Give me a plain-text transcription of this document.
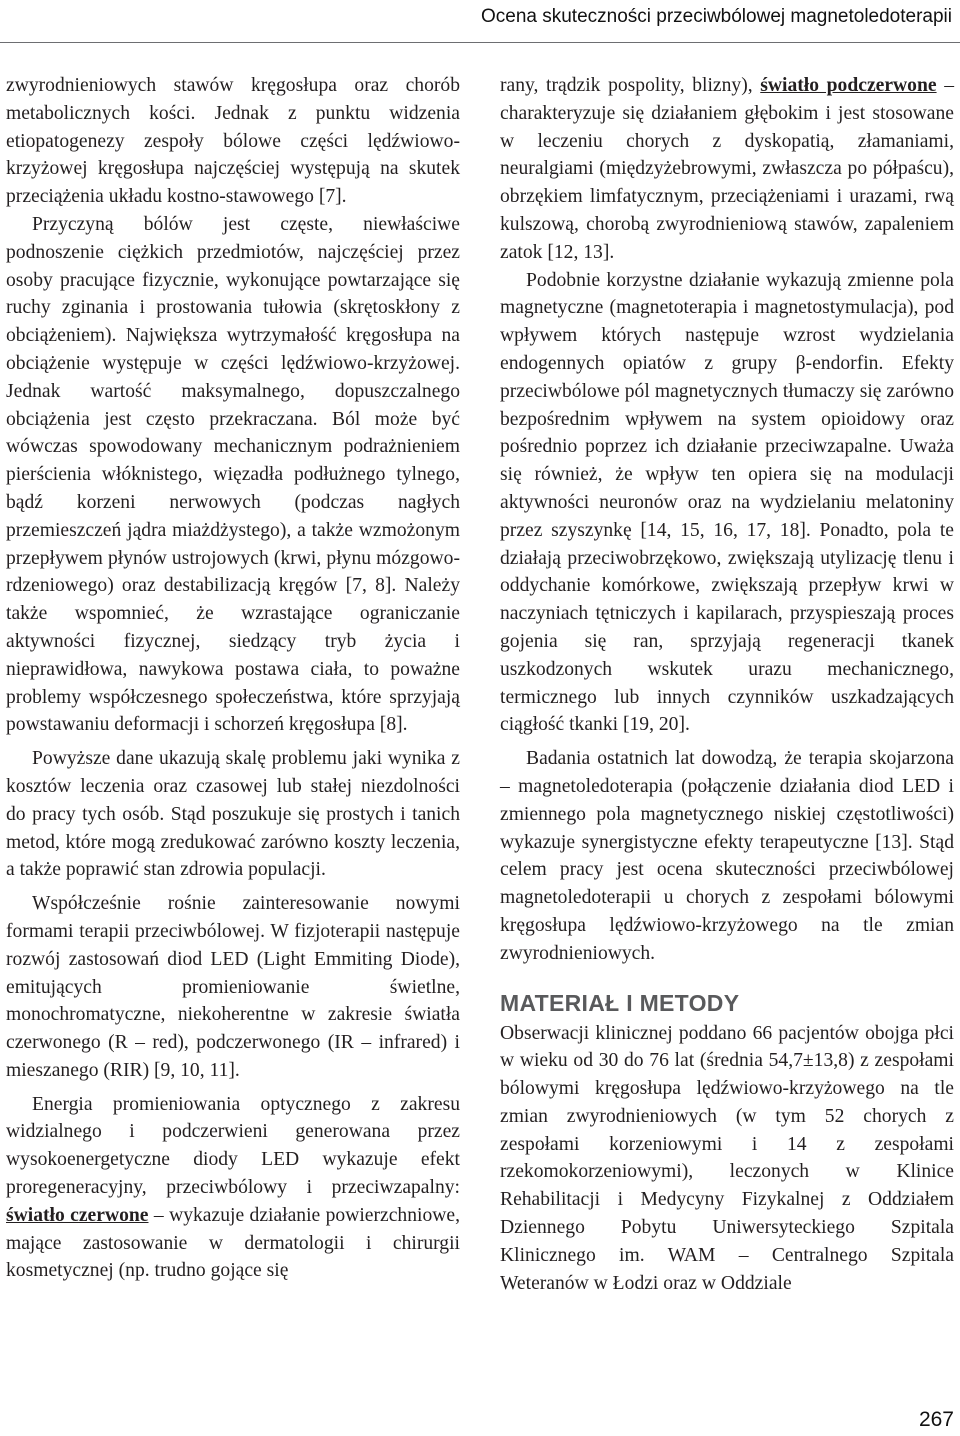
Ocena skuteczności przeciwbólowej magnetoledoterapii

zwyrodnieniowych stawów kręgosłupa oraz chorób metabolicznych kości. Jednak z punktu widzenia etiopatogenezy zespoły bólowe części lędźwiowo-krzyżowej kręgosłupa najczęściej występują na skutek przeciążenia układu kostno-stawowego [7].

Przyczyną bólów jest częste, niewłaściwe podnoszenie ciężkich przedmiotów, najczęściej przez osoby pracujące fizycznie, wykonujące powtarzające się ruchy zginania i prostowania tułowia (skrętoskłony z obciążeniem). Największa wytrzymałość kręgosłupa na obciążenie występuje w części lędźwiowo-krzyżowej. Jednak wartość maksymalnego, dopuszczalnego obciążenia jest często przekraczana. Ból może być wówczas spowodowany mechanicznym podrażnieniem pierścienia włóknistego, więzadła podłużnego tylnego, bądź korzeni nerwowych (podczas nagłych przemieszczeń jądra miażdżystego), a także wzmożonym przepływem płynów ustrojowych (krwi, płynu mózgowo-rdzeniowego) oraz destabilizacją kręgów [7, 8]. Należy także wspomnieć, że wzrastające ograniczanie aktywności fizycznej, siedzący tryb życia i nieprawidłowa, nawykowa postawa ciała, to poważne problemy współczesnego społeczeństwa, które sprzyjają powstawaniu deformacji i schorzeń kręgosłupa [8].

Powyższe dane ukazują skalę problemu jaki wynika z kosztów leczenia oraz czasowej lub stałej niezdolności do pracy tych osób. Stąd poszukuje się prostych i tanich metod, które mogą zredukować zarówno koszty leczenia, a także poprawić stan zdrowia populacji.

Współcześnie rośnie zainteresowanie nowymi formami terapii przeciwbólowej. W fizjoterapii następuje rozwój zastosowań diod LED (Light Emmiting Diode), emitujących promieniowanie świetlne, monochromatyczne, niekoherentne w zakresie światła czerwonego (R – red), podczerwonego (IR – infrared) i mieszanego (RIR) [9, 10, 11].

Energia promieniowania optycznego z zakresu widzialnego i podczerwieni generowana przez wysokoenergetyczne diody LED wykazuje efekt proregeneracyjny, przeciwbólowy i przeciwzapalny: światło czerwone – wykazuje działanie powierzchniowe, mające zastosowanie w dermatologii i chirurgii kosmetycznej (np. trudno gojące się

rany, trądzik pospolity, blizny), światło podczerwone – charakteryzuje się działaniem głębokim i jest stosowane w leczeniu chorych z dyskopatią, złamaniami, neuralgiami (międzyżebrowymi, zwłaszcza po półpaścu), obrzękiem limfatycznym, przeciążeniami i urazami, rwą kulszową, chorobą zwyrodnieniową stawów, zapaleniem zatok [12, 13].

Podobnie korzystne działanie wykazują zmienne pola magnetyczne (magnetoterapia i magnetostymulacja), pod wpływem których następuje wzrost wydzielania endogennych opiatów z grupy β-endorfin. Efekty przeciwbólowe pól magnetycznych tłumaczy się zarówno bezpośrednim wpływem na system opioidowy oraz pośrednio poprzez ich działanie przeciwzapalne. Uważa się również, że wpływ ten opiera się na modulacji aktywności neuronów oraz na wydzielaniu melatoniny przez szyszynkę [14, 15, 16, 17, 18]. Ponadto, pola te działają przeciwobrzękowo, zwiększają utylizację tlenu i oddychanie komórkowe, zwiększają przepływ krwi w naczyniach tętniczych i kapilarach, przyspieszają proces gojenia się ran, sprzyjają regeneracji tkanek uszkodzonych wskutek urazu mechanicznego, termicznego lub innych czynników uszkadzających ciągłość tkanki [19, 20].

Badania ostatnich lat dowodzą, że terapia skojarzona – magnetoledoterapia (połączenie działania diod LED i zmiennego pola magnetycznego niskiej częstotliwości) wykazuje synergistyczne efekty terapeutyczne [13]. Stąd celem pracy jest ocena skuteczności przeciwbólowej magnetoledoterapii u chorych z zespołami bólowymi kręgosłupa lędźwiowo-krzyżowego na tle zmian zwyrodnieniowych.

MATERIAŁ I METODY

Obserwacji klinicznej poddano 66 pacjentów obojga płci w wieku od 30 do 76 lat (średnia 54,7±13,8) z zespołami bólowymi kręgosłupa lędźwiowo-krzyżowego na tle zmian zwyrodnieniowych (w tym 52 chorych z zespołami korzeniowymi i 14 z zespołami rzekomokorzeniowymi), leczonych w Klinice Rehabilitacji i Medycyny Fizykalnej z Oddziałem Dziennego Pobytu Uniwersyteckiego Szpitala Klinicznego im. WAM – Centralnego Szpitala Weteranów w Łodzi oraz w Oddziale

267
